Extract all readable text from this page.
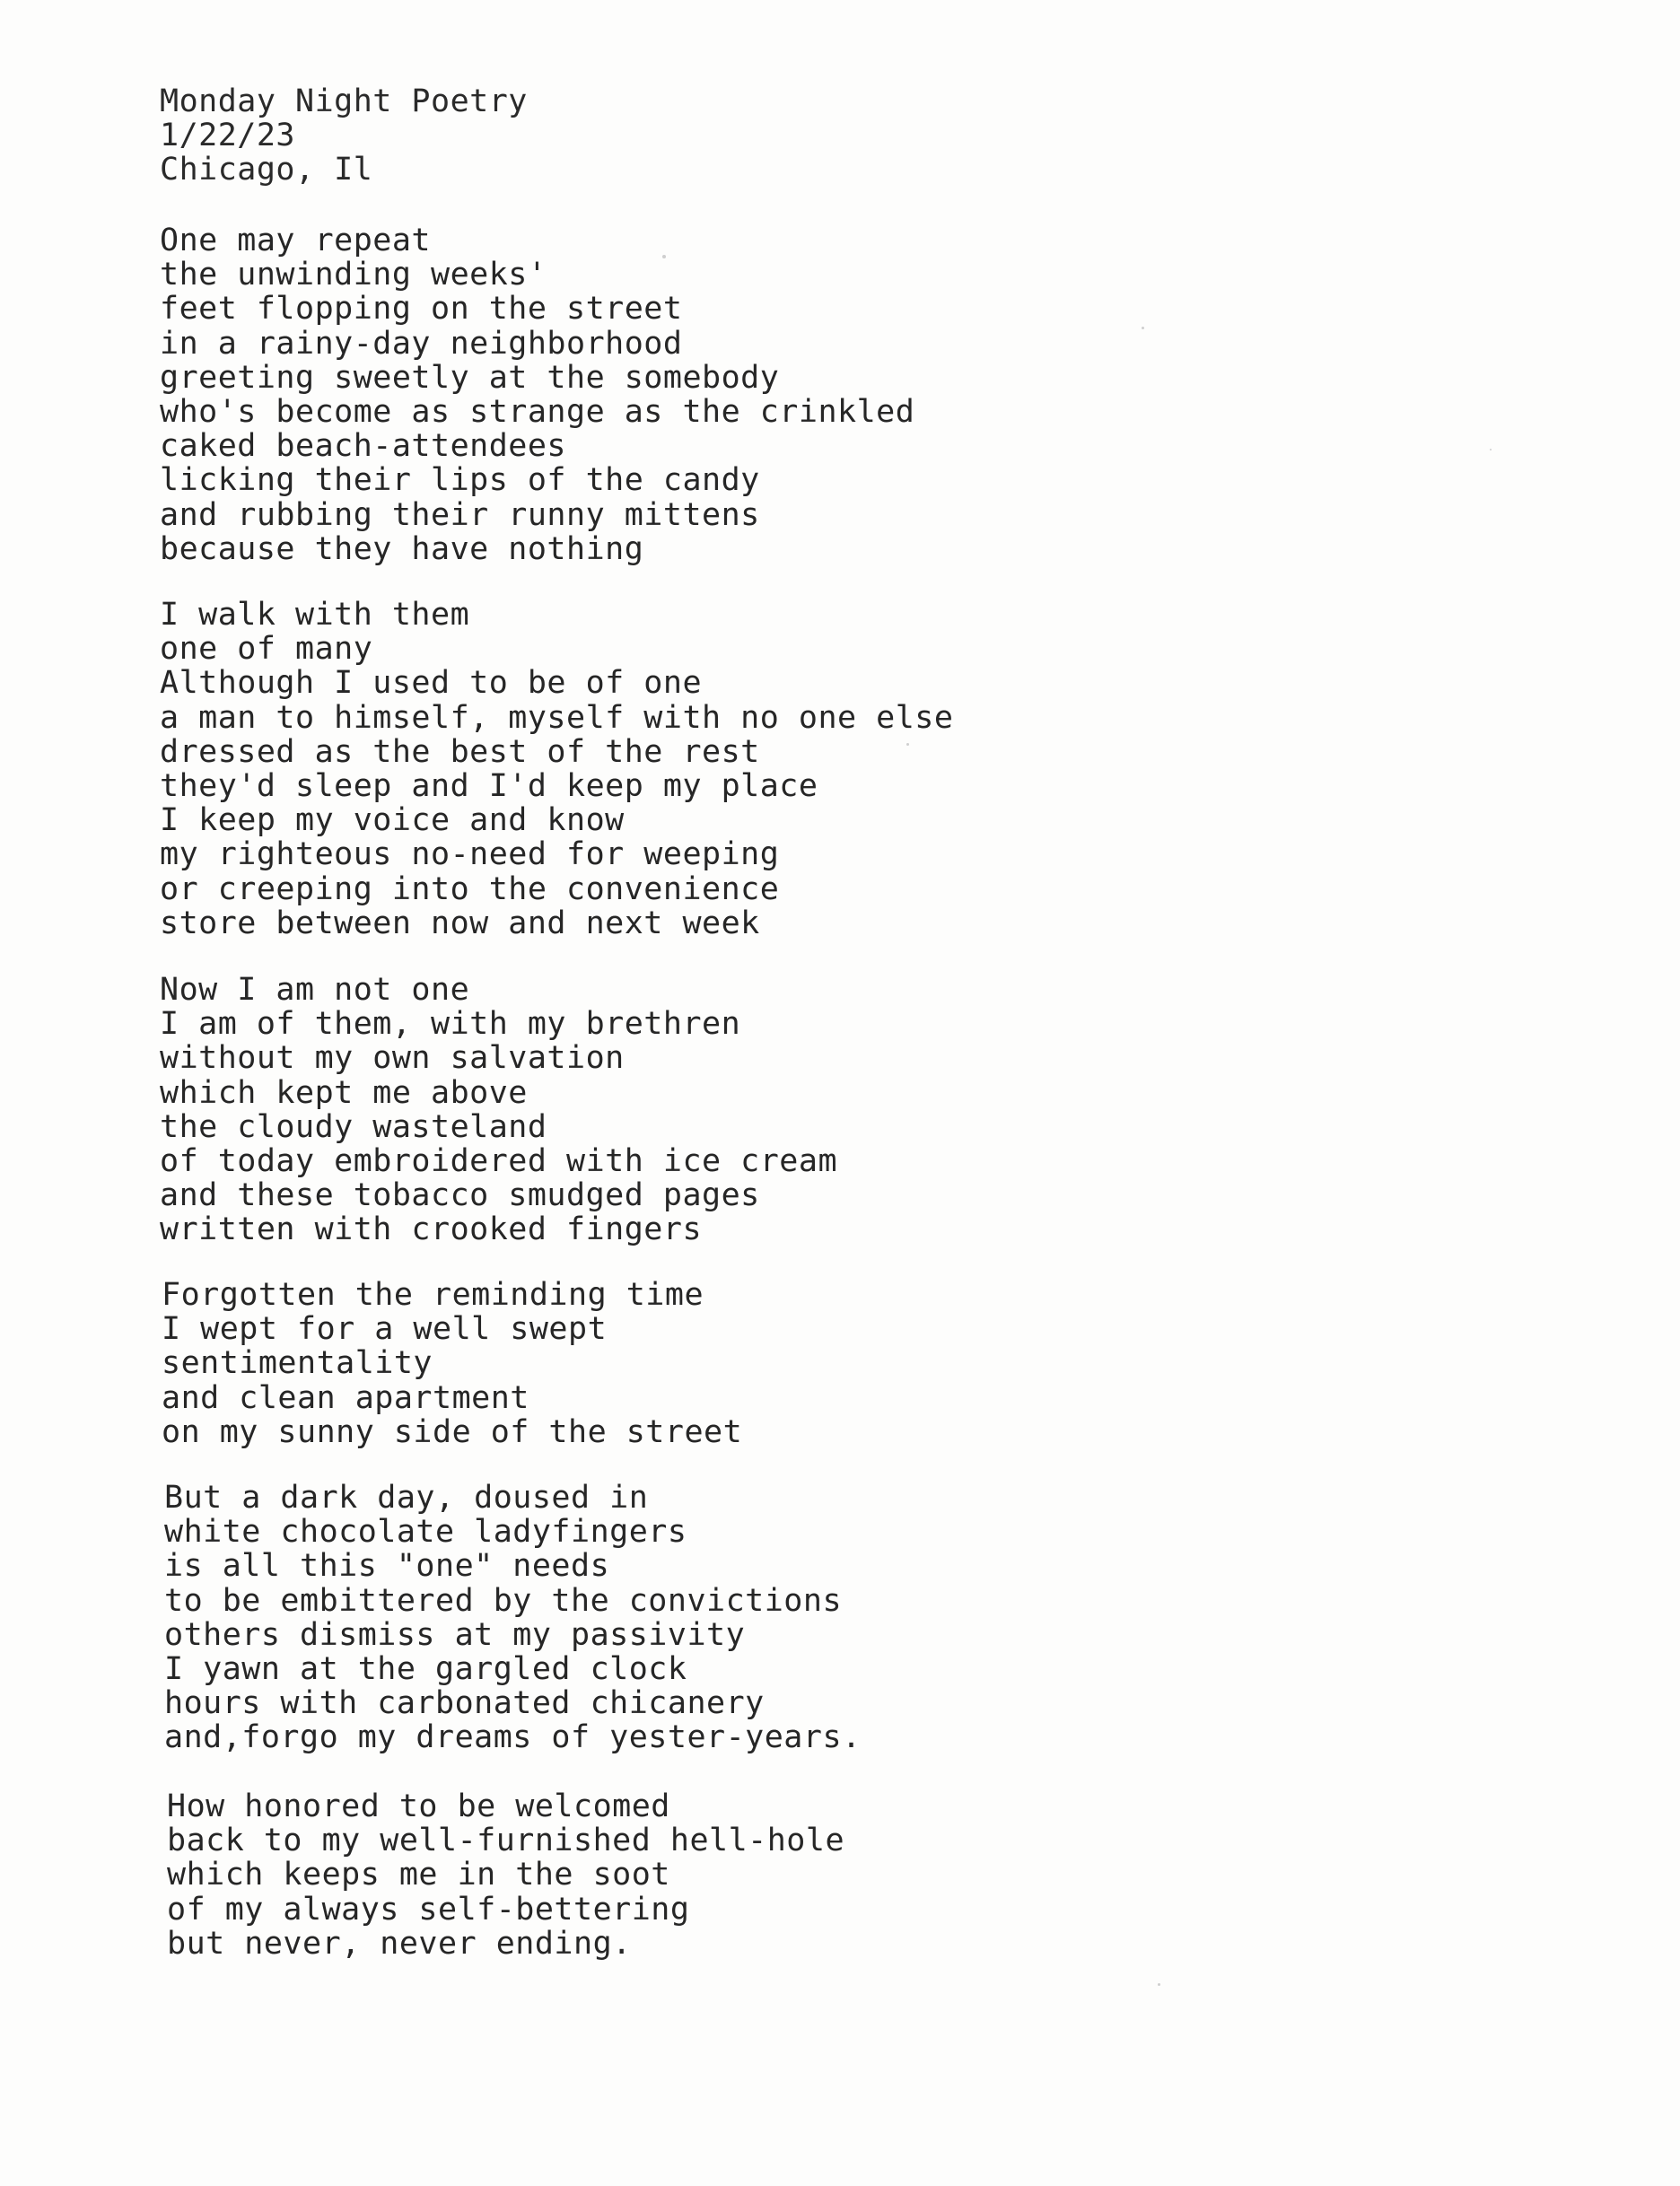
Monday Night Poetry
1/22/23
Chicago, Il
One may repeat
the unwinding weeks'
feet flopping on the street
in a rainy-day neighborhood
greeting sweetly at the somebody
who's become as strange as the crinkled
caked beach-attendees
licking their lips of the candy
and rubbing their runny mittens
because they have nothing
I walk with them
one of many
Although I used to be of one
a man to himself, myself with no one else
dressed as the best of the rest
they'd sleep and I'd keep my place
I keep my voice and know
my righteous no-need for weeping
or creeping into the convenience
store between now and next week
Now I am not one
I am of them, with my brethren
without my own salvation
which kept me above
the cloudy wasteland
of today embroidered with ice cream
and these tobacco smudged pages
written with crooked fingers
Forgotten the reminding time
I wept for a well swept
sentimentality
and clean apartment
on my sunny side of the street
But a dark day, doused in
white chocolate ladyfingers
is all this "one" needs
to be embittered by the convictions
others dismiss at my passivity
I yawn at the gargled clock
hours with carbonated chicanery
and,forgo my dreams of yester-years.
How honored to be welcomed
back to my well-furnished hell-hole
which keeps me in the soot
of my always self-bettering
but never, never ending.
